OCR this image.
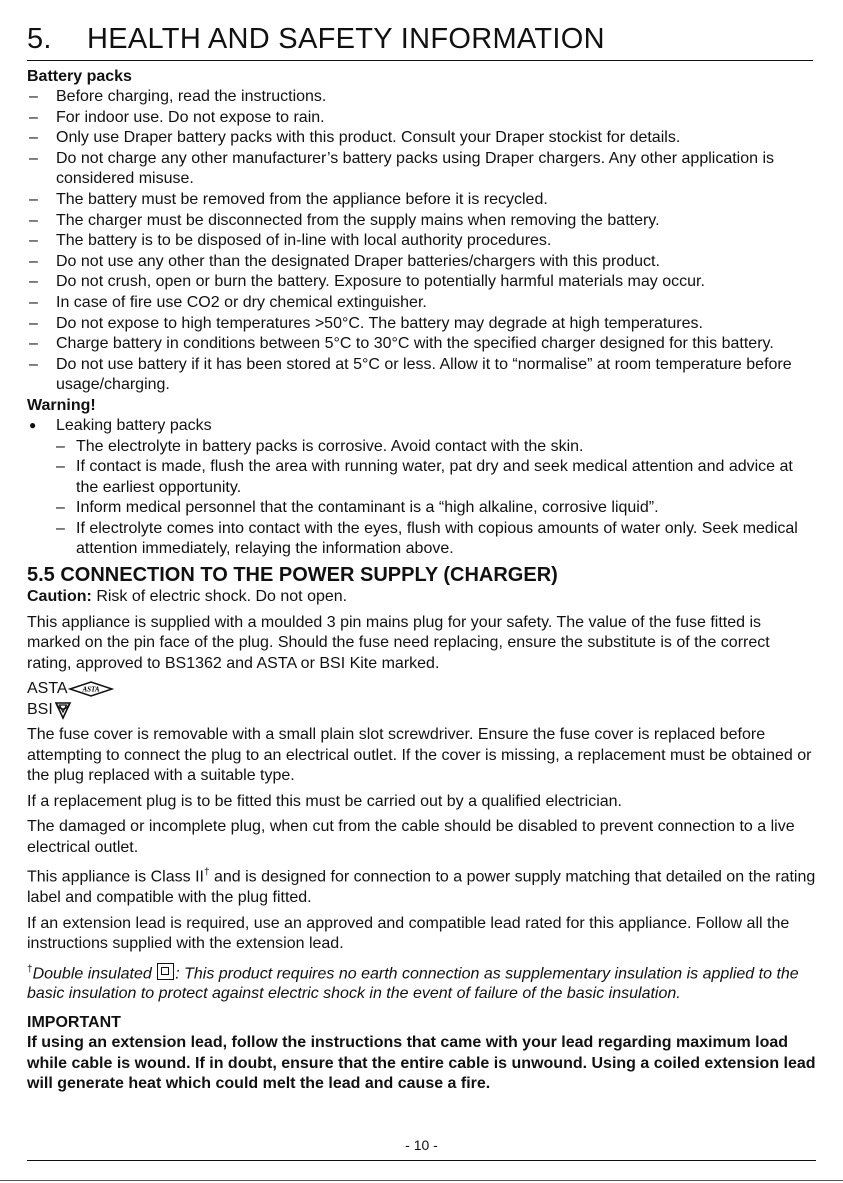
5. HEALTH AND SAFETY INFORMATION
Battery packs
– Before charging, read the instructions.
– For indoor use. Do not expose to rain.
– Only use Draper battery packs with this product. Consult your Draper stockist for details.
– Do not charge any other manufacturer’s battery packs using Draper chargers. Any other application is considered misuse.
– The battery must be removed from the appliance before it is recycled.
– The charger must be disconnected from the supply mains when removing the battery.
– The battery is to be disposed of in-line with local authority procedures.
– Do not use any other than the designated Draper batteries/chargers with this product.
– Do not crush, open or burn the battery. Exposure to potentially harmful materials may occur.
– In case of fire use CO2 or dry chemical extinguisher.
– Do not expose to high temperatures >50°C. The battery may degrade at high temperatures.
– Charge battery in conditions between 5°C to 30°C with the specified charger designed for this battery.
– Do not use battery if it has been stored at 5°C or less. Allow it to “normalise” at room temperature before usage/charging.
Warning!
● Leaking battery packs
– The electrolyte in battery packs is corrosive. Avoid contact with the skin.
– If contact is made, flush the area with running water, pat dry and seek medical attention and advice at the earliest opportunity.
– Inform medical personnel that the contaminant is a “high alkaline, corrosive liquid”.
– If electrolyte comes into contact with the eyes, flush with copious amounts of water only. Seek medical attention immediately, relaying the information above.
5.5 CONNECTION TO THE POWER SUPPLY (CHARGER)
Caution: Risk of electric shock. Do not open.
This appliance is supplied with a moulded 3 pin mains plug for your safety. The value of the fuse fitted is marked on the pin face of the plug. Should the fuse need replacing, ensure the substitute is of the correct rating, approved to BS1362 and ASTA or BSI Kite marked.
ASTA ASTA
BSI
The fuse cover is removable with a small plain slot screwdriver. Ensure the fuse cover is replaced before attempting to connect the plug to an electrical outlet. If the cover is missing, a replacement must be obtained or the plug replaced with a suitable type.
If a replacement plug is to be fitted this must be carried out by a qualified electrician.
The damaged or incomplete plug, when cut from the cable should be disabled to prevent connection to a live electrical outlet.
This appliance is Class II† and is designed for connection to a power supply matching that detailed on the rating label and compatible with the plug fitted.
If an extension lead is required, use an approved and compatible lead rated for this appliance. Follow all the instructions supplied with the extension lead.
†Double insulated : This product requires no earth connection as supplementary insulation is applied to the basic insulation to protect against electric shock in the event of failure of the basic insulation.
IMPORTANT
If using an extension lead, follow the instructions that came with your lead regarding maximum load while cable is wound. If in doubt, ensure that the entire cable is unwound. Using a coiled extension lead will generate heat which could melt the lead and cause a fire.
- 10 -
